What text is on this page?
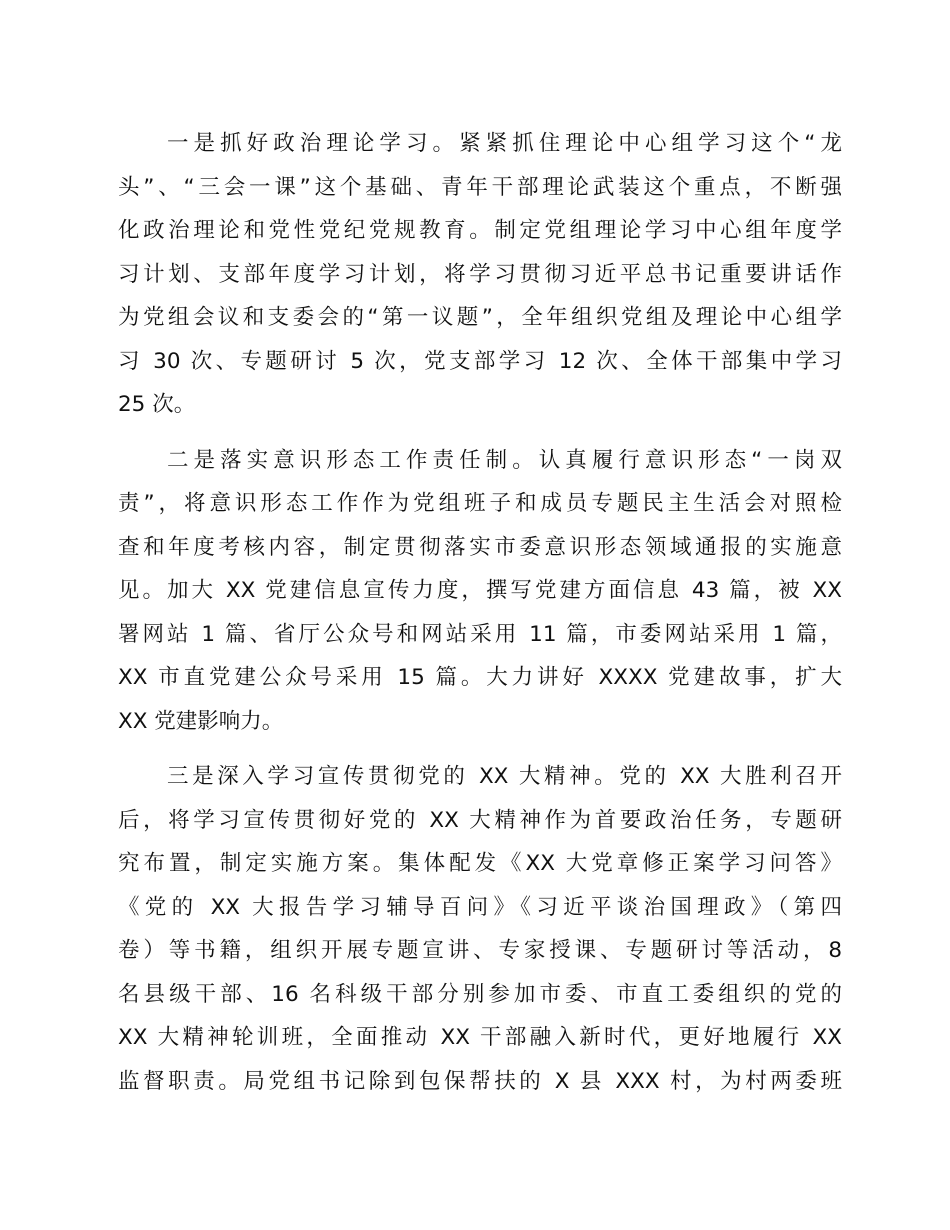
一是抓好政治理论学习。紧紧抓住理论中心组学习这个“龙
头”、“三会一课”这个基础、青年干部理论武装这个重点，不断强
化政治理论和党性党纪党规教育。制定党组理论学习中心组年度学
习计划、支部年度学习计划，将学习贯彻习近平总书记重要讲话作
为党组会议和支委会的“第一议题”，全年组织党组及理论中心组学
习 30 次、专题研讨 5 次，党支部学习 12 次、全体干部集中学习
25 次。
二是落实意识形态工作责任制。认真履行意识形态“一岗双
责”，将意识形态工作作为党组班子和成员专题民主生活会对照检
查和年度考核内容，制定贯彻落实市委意识形态领域通报的实施意
见。加大 XX 党建信息宣传力度，撰写党建方面信息 43 篇，被 XX
署网站 1 篇、省厅公众号和网站采用 11 篇，市委网站采用 1 篇，
XX 市直党建公众号采用 15 篇。大力讲好 XXXX 党建故事，扩大
XX 党建影响力。
三是深入学习宣传贯彻党的 XX 大精神。党的 XX 大胜利召开
后，将学习宣传贯彻好党的 XX 大精神作为首要政治任务，专题研
究布置，制定实施方案。集体配发《XX 大党章修正案学习问答》
《党的 XX 大报告学习辅导百问》《习近平谈治国理政》（第四
卷）等书籍，组织开展专题宣讲、专家授课、专题研讨等活动，8
名县级干部、16 名科级干部分别参加市委、市直工委组织的党的
XX 大精神轮训班，全面推动 XX 干部融入新时代，更好地履行 XX
监督职责。局党组书记除到包保帮扶的 X 县 XXX 村，为村两委班
